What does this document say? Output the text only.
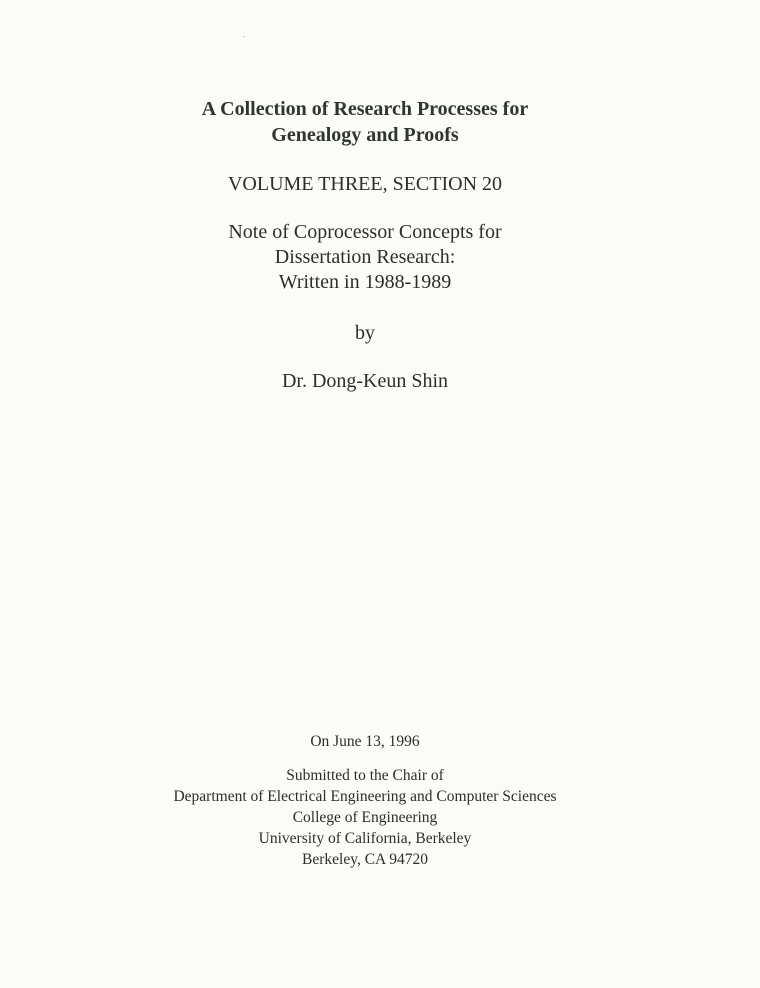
A Collection of Research Processes for
Genealogy and Proofs
VOLUME THREE, SECTION 20
Note of Coprocessor Concepts for
Dissertation Research:
Written in 1988-1989
by
Dr. Dong-Keun Shin
On June 13, 1996
Submitted to the Chair of
Department of Electrical Engineering and Computer Sciences
College of Engineering
University of California, Berkeley
Berkeley, CA 94720
